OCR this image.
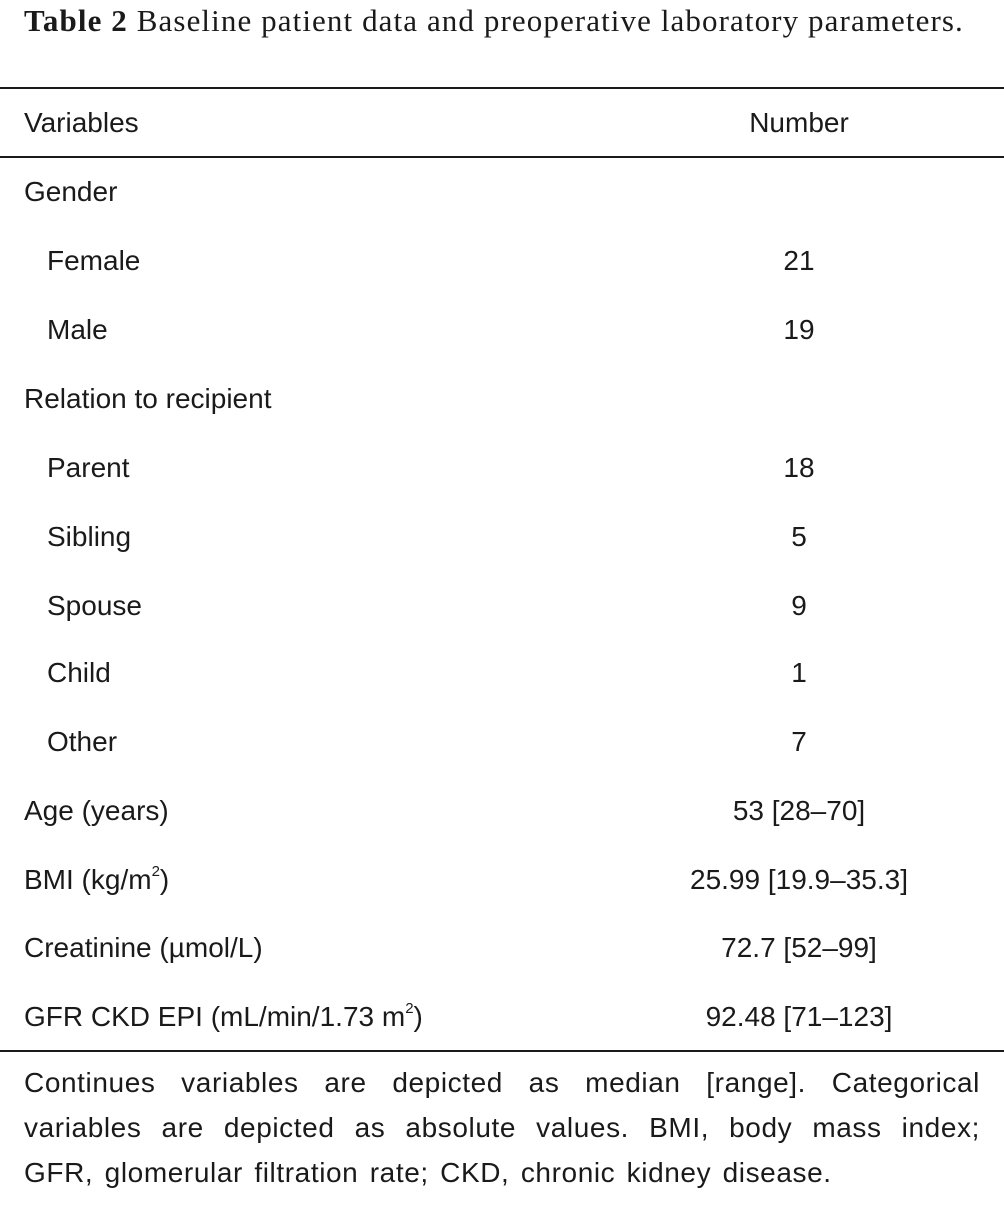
Table 2 Baseline patient data and preoperative laboratory parameters.
Variables	Number
Gender
Female	21
Male	19
Relation to recipient
Parent	18
Sibling	5
Spouse	9
Child	1
Other	7
Age (years)	53 [28–70]
BMI $(kg/m^2)$	25.99 [19.9–35.3]
Creatinine (µmol/L)	72.7 [52–99]
GFR CKD EPI (mL/min/1.73 $m^2$)	92.48 [71–123]
Continues variables are depicted as median [range]. Categorical variables are depicted as absolute values. BMI, body mass index; GFR, glomerular filtration rate; CKD, chronic kidney disease.
